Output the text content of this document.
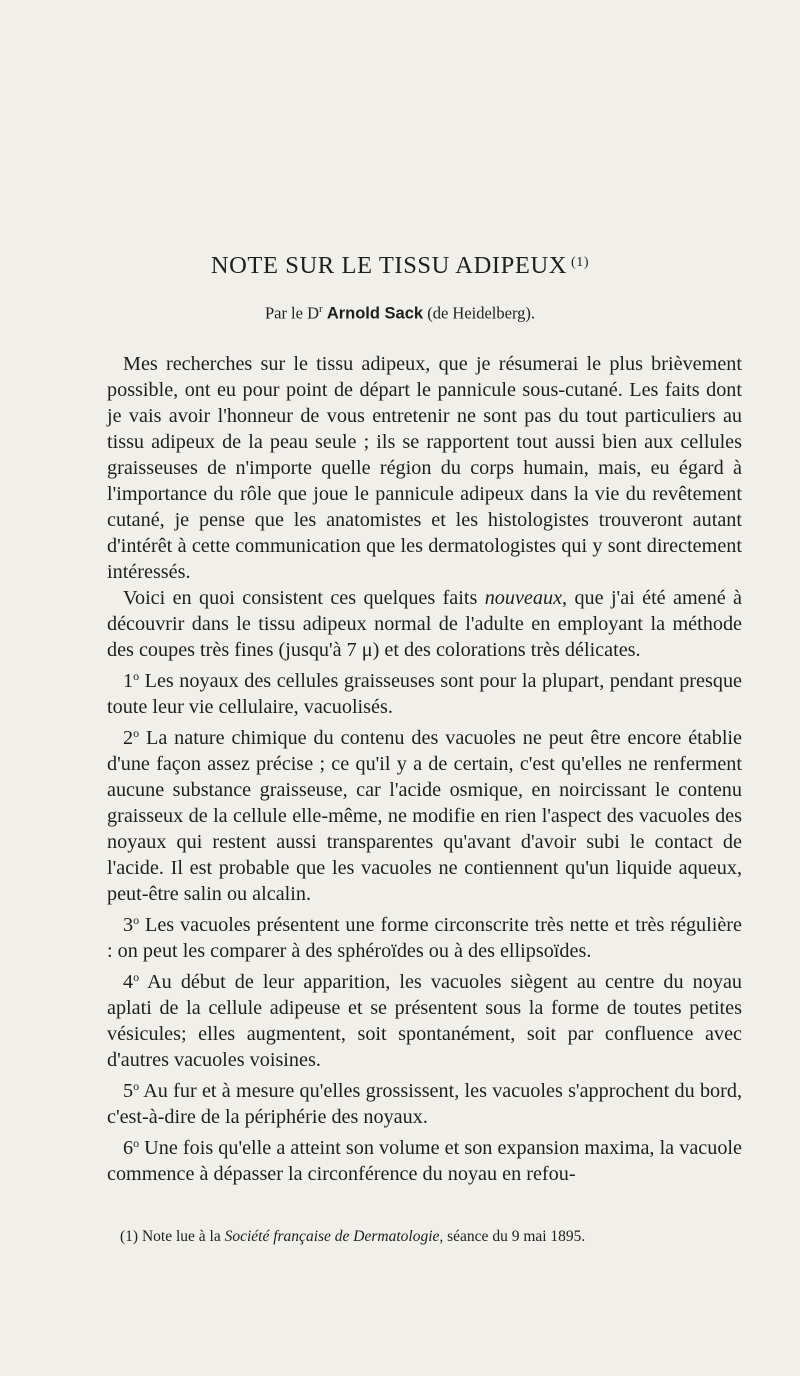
NOTE SUR LE TISSU ADIPEUX $^{(1)}$
Par le $D^r$ Arnold Sack (de Heidelberg).

Mes recherches sur le tissu adipeux, que je résumerai le plus brièvement possible, ont eu pour point de départ le pannicule sous-cutané. Les faits dont je vais avoir l'honneur de vous entretenir ne sont pas du tout particuliers au tissu adipeux de la peau seule ; ils se rapportent tout aussi bien aux cellules graisseuses de n'importe quelle région du corps humain, mais, eu égard à l'importance du rôle que joue le pannicule adipeux dans la vie du revêtement cutané, je pense que les anatomistes et les histologistes trouveront autant d'intérêt à cette communication que les dermatologistes qui y sont directement intéressés.

Voici en quoi consistent ces quelques faits nouveaux, que j'ai été amené à découvrir dans le tissu adipeux normal de l'adulte en employant la méthode des coupes très fines (jusqu'à 7 μ) et des colorations très délicates.

1$^o$ Les noyaux des cellules graisseuses sont pour la plupart, pendant presque toute leur vie cellulaire, vacuolisés.

2$^o$ La nature chimique du contenu des vacuoles ne peut être encore établie d'une façon assez précise ; ce qu'il y a de certain, c'est qu'elles ne renferment aucune substance graisseuse, car l'acide osmique, en noircissant le contenu graisseux de la cellule elle-même, ne modifie en rien l'aspect des vacuoles des noyaux qui restent aussi transparentes qu'avant d'avoir subi le contact de l'acide. Il est probable que les vacuoles ne contiennent qu'un liquide aqueux, peut-être salin ou alcalin.

3$^o$ Les vacuoles présentent une forme circonscrite très nette et très régulière : on peut les comparer à des sphéroïdes ou à des ellipsoïdes.

4$^o$ Au début de leur apparition, les vacuoles siègent au centre du noyau aplati de la cellule adipeuse et se présentent sous la forme de toutes petites vésicules; elles augmentent, soit spontanément, soit par confluence avec d'autres vacuoles voisines.

5$^o$ Au fur et à mesure qu'elles grossissent, les vacuoles s'approchent du bord, c'est-à-dire de la périphérie des noyaux.

6$^o$ Une fois qu'elle a atteint son volume et son expansion maxima, la vacuole commence à dépasser la circonférence du noyau en refou-

(1) Note lue à la Société française de Dermatologie, séance du 9 mai 1895.
